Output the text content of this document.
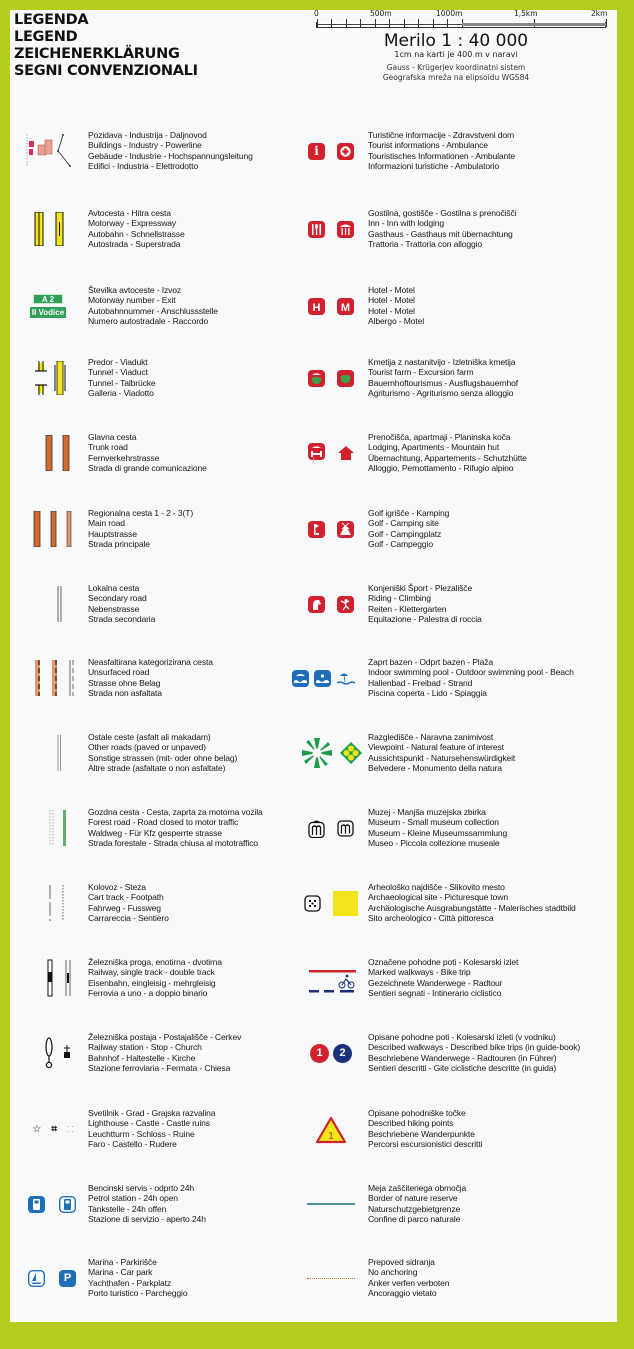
LEGENDA
LEGEND
ZEICHENERKLÄRUNG
SEGNI CONVENZIONALI
0	500m	1000m	1,5km	2km
Merilo 1 : 40 000
1cm na karti je 400 m v naravi
Gauss - Krügerjev koordinatni sistem
Geografska mreža na elipsoidu WGS84
Pozidava - Industrija - Daljnovod
Buildings - Industry - Powerline
Gebäude - Industrie - Hochspannungsleitung
Edifici - Industria - Elettrodotto
Avtocesta - Hitra cesta
Motorway - Expressway
Autobahn - Schnellstrasse
Autostrada - Superstrada
A 2
II Vodice
Številka avtoceste - Izvoz
Motorway number - Exit
Autobahnnummer - Anschlussstelle
Numero autostradale - Raccordo
Predor - Viadukt
Tunnel - Viaduct
Tunnel - Talbrücke
Galleria - Viadotto
Glavna cesta
Trunk road
Fernverkehrstrasse
Strada di grande comunicazione
Regionalna cesta 1 - 2 - 3(T)
Main road
Hauptstrasse
Strada principale
Lokalna cesta
Secondary road
Nebenstrasse
Strada secondaria
Neasfaltirana kategorizirana cesta
Unsurfaced road
Strasse ohne Belag
Strada non asfaltata
Ostale ceste (asfalt ali makadam)
Other roads (paved or unpaved)
Sonstige strassen (mit- oder ohne belag)
Altre strade (asfaltate o non asfaltate)
Gozdna cesta - Cesta, zaprta za motorna vozila
Forest road - Road closed to motor traffic
Waldweg - Für Kfz gesperrte strasse
Strada forestale - Strada chiusa al mototraffico
Kolovoz - Steza
Cart track - Footpath
Fahrweg - Fussweg
Carrareccia - Sentiero
Železniška proga, enotirna - dvotirna
Railway, single track - double track
Eisenbahn, eingleisig - mehrgleisig
Ferrovia a uno - a doppio binario
Železniška postaja - Postajališče - Cerkev
Railway station - Stop - Church
Bahnhof - Haltestelle - Kirche
Stazione ferroviaria - Fermata - Chiesa
☆ ⌗ ⸬
Svetilnik - Grad - Grajska razvalina
Lighthouse - Castle - Castle ruins
Leuchtturm - Schloss - Ruine
Faro - Castello - Rudere
Bencinski servis - odprto 24h
Petrol station - 24h open
Tankstelle - 24h offen
Stazione di servizio - aperto 24h
P
Marina - Parkirišče
Marina - Car park
Yachthafen - Parkplatz
Porto turistico - Parcheggio
i
Turistične informacije - Zdravstveni dom
Tourist informations - Ambulance
Touristisches Informationen - Ambulante
Informazioni turistiche - Ambulatorio
Gostilna, gostišče - Gostilna s prenočišči
Inn - Inn with lodging
Gasthaus - Gasthaus mit übernachtung
Trattoria - Trattoria con alloggio
H	M
Hotel - Motel
Hotel - Motel
Hotel - Motel
Albergo - Motel
Kmetija z nastanitvijo - Izletniška kmetija
Tourist farm - Excursion farm
Bauernhoftourismus - Ausflugsbauernhof
Agriturismo - Agriturismo senza alloggio
Prenočišča, apartmaji - Planinska koča
Lodging, Apartments - Mountain hut
Übernachtung, Appartements - Schutzhütte
Alloggio, Pernottamento - Rifugio alpino
Golf igrišče - Kamping
Golf - Camping site
Golf - Campingplatz
Golf - Campeggio
Konjeniški Šport - Plezališče
Riding - Climbing
Reiten - Klettergarten
Equitazione - Palestra di roccia
Zaprt bazen - Odprt bazen - Plaža
Indoor swimming pool - Outdoor swimming pool - Beach
Hallenbad - Freibad - Strand
Piscina coperta - Lido - Spiaggia
Razgledišče - Naravna zanimivost
Viewpoint - Natural feature of interest
Aussichtspunkt - Natursehenswürdigkeit
Belvedere - Monumento della natura
Muzej - Manjša muzejska zbirka
Museum - Small museum collection
Museum - Kleine Museumssammlung
Museo - Piccola collezione museale
Arheološko najdišče - Slikovito mesto
Archaeological site - Picturesque town
Archäologische Ausgrabungstätte - Malerisches stadtbild
Sito archeologico - Città pittoresca
Označene pohodne poti - Kolesarski izlet
Marked walkways - Bike trip
Gezeichnete Wanderwege - Radtour
Sentieri segnati - Intinerario ciclistico
1	2
Opisane pohodne poti - Kolesarski izleti (v vodniku)
Described walkways - Described bike trips (in guide-book)
Beschriebene Wanderwege - Radtouren (in Führer)
Sentieri descritti - Gite ciclistiche descritte (in guida)
1
Opisane pohodniške točke
Described hiking points
Beschriebene Wanderpunkte
Percorsi escursionistici descritti
Meja zaščitenega območja
Border of nature reserve
Naturschutzgebietgrenze
Confine di parco naturale
Prepoved sidranja
No anchoring
Anker verfen verboten
Ancoraggio vietato
